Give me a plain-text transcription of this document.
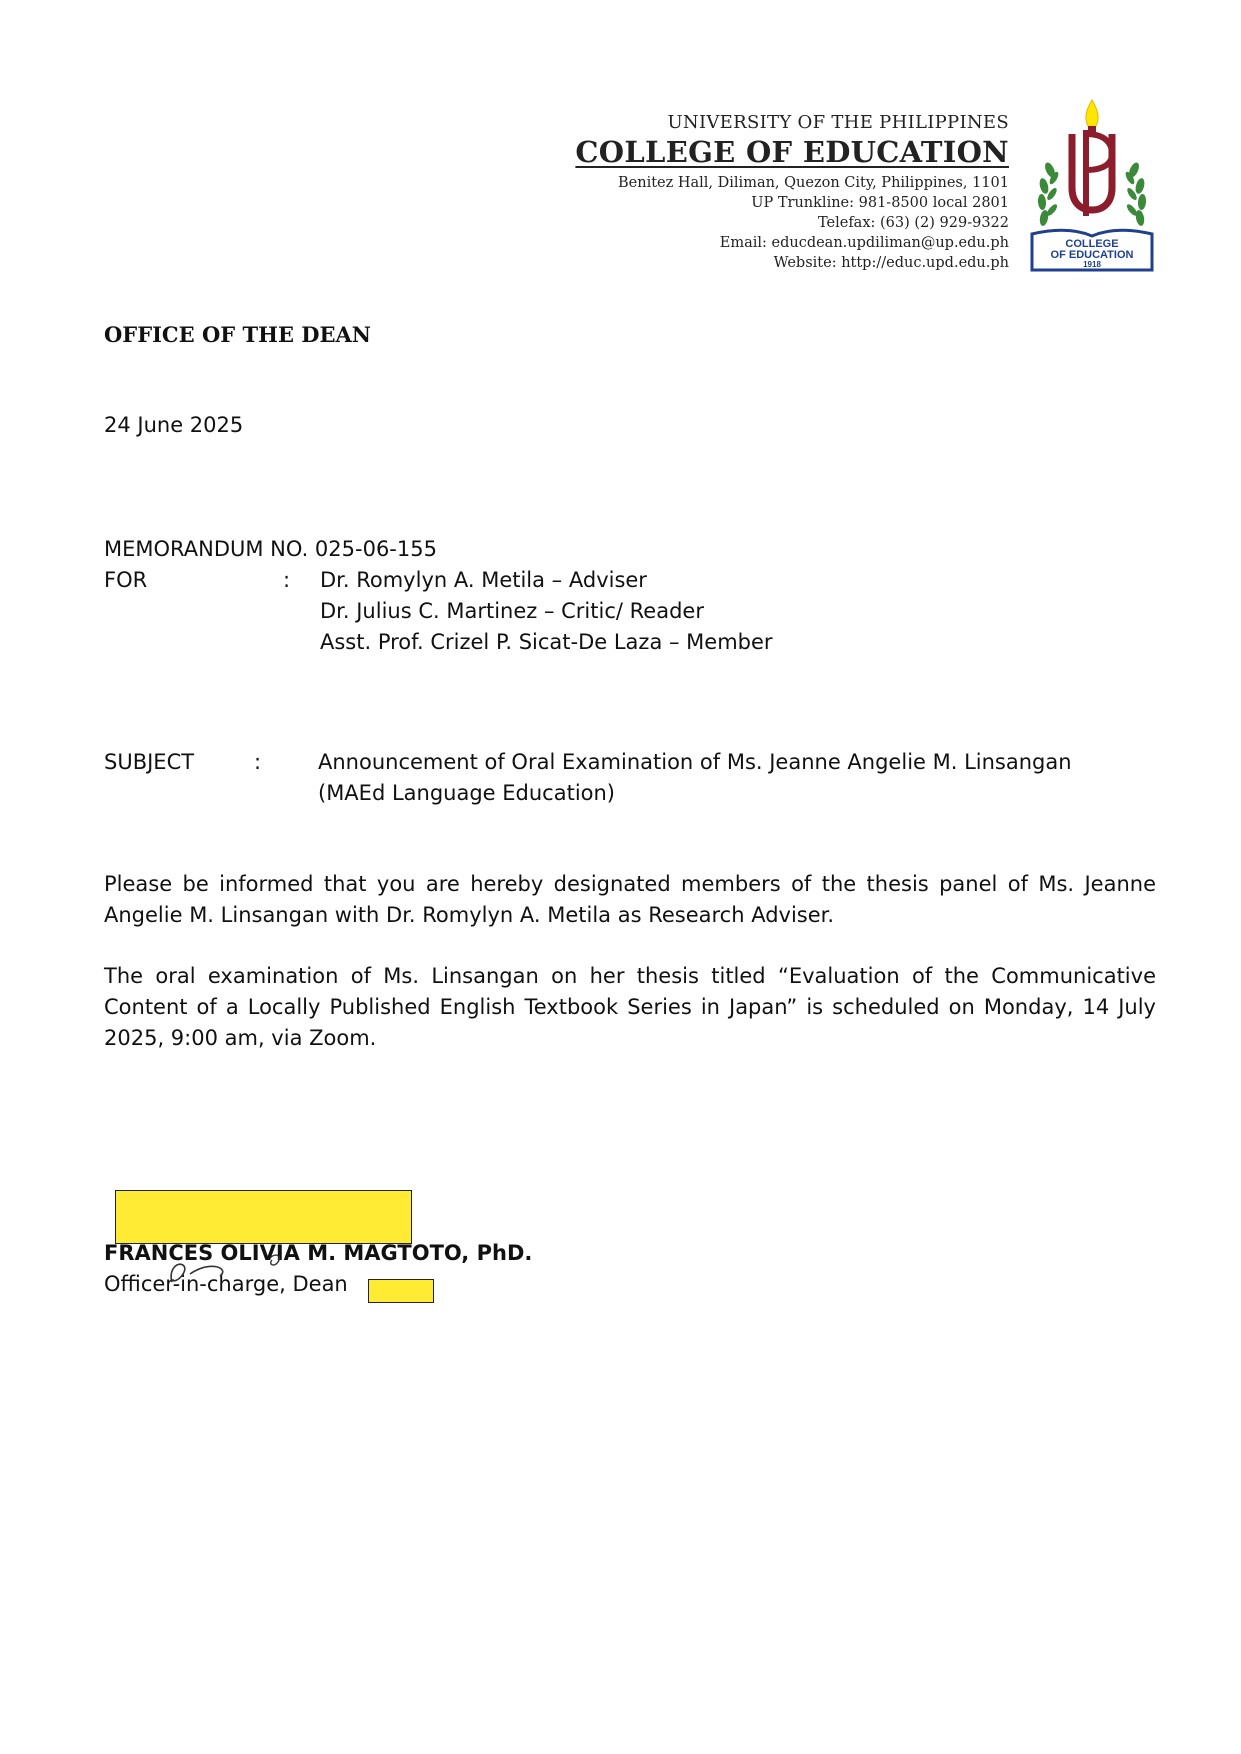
UNIVERSITY OF THE PHILIPPINES
COLLEGE OF EDUCATION
Benitez Hall, Diliman, Quezon City, Philippines, 1101
UP Trunkline: 981-8500 local 2801
Telefax: (63) (2) 929-9322
Email: educdean.updiliman@up.edu.ph
Website: http://educ.upd.edu.ph
COLLEGE
OF EDUCATION
1918
OFFICE OF THE DEAN
24 June 2025
MEMORANDUM NO. 025-06-155
FOR	: Dr. Romylyn A. Metila – Adviser
Dr. Julius C. Martinez – Critic/ Reader
Asst. Prof. Crizel P. Sicat-De Laza – Member
SUBJECT	:	Announcement of Oral Examination of Ms. Jeanne Angelie M. Linsangan
(MAEd Language Education)
Please be informed that you are hereby designated members of the thesis panel of Ms. Jeanne Angelie M. Linsangan with Dr. Romylyn A. Metila as Research Adviser.
The oral examination of Ms. Linsangan on her thesis titled “Evaluation of the Communicative Content of a Locally Published English Textbook Series in Japan” is scheduled on Monday, 14 July 2025, 9:00 am, via Zoom.
FRANCES OLIVIA M. MAGTOTO, PhD.
Officer-in-charge, Dean
